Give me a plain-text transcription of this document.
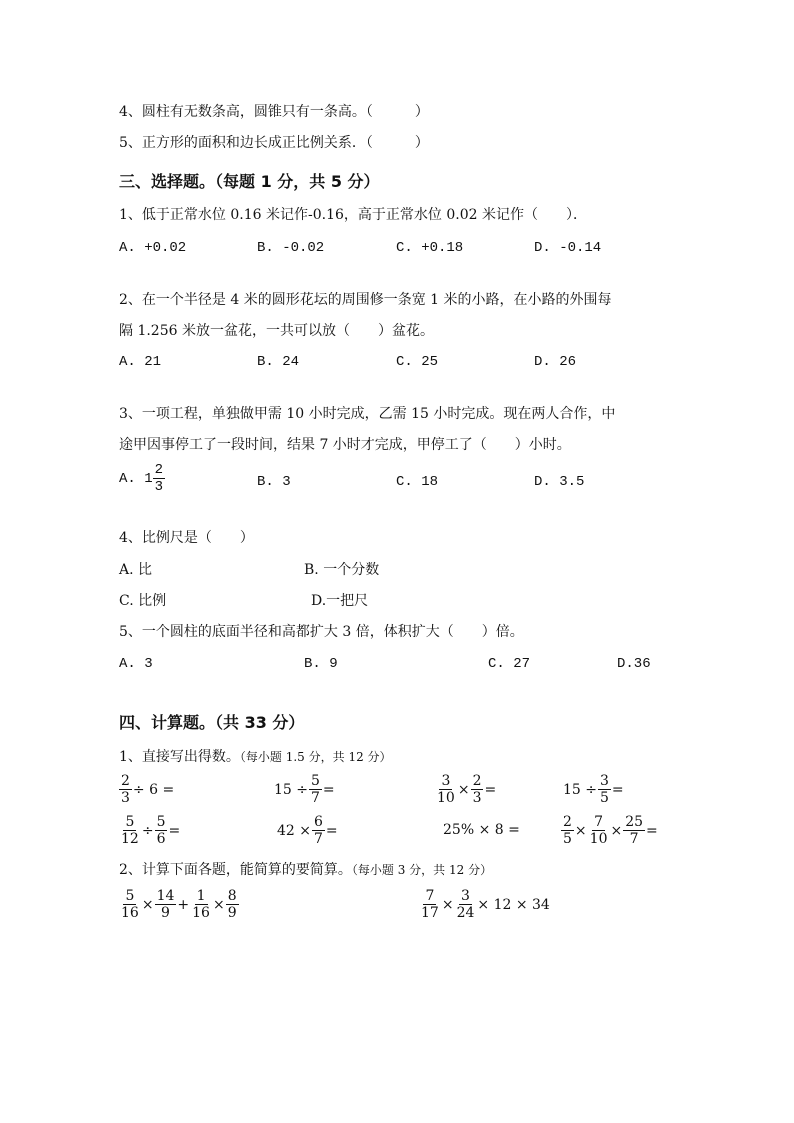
4、圆柱有无数条高，圆锥只有一条高。（　　　）
5、正方形的面积和边长成正比例关系．（　　　）
三、选择题。（每题 1 分，共 5 分）
1、低于正常水位 0.16 米记作-0.16，高于正常水位 0.02 米记作（　　）．
A. +0.02	B. -0.02	C. +0.18	D. -0.14
2、在一个半径是 4 米的圆形花坛的周围修一条宽 1 米的小路，在小路的外围每
隔 1.256 米放一盆花，一共可以放（　　）盆花。
A. 21	B. 24	C. 25	D. 26
3、一项工程，单独做甲需 10 小时完成，乙需 15 小时完成。现在两人合作，中
途甲因事停工了一段时间，结果 7 小时才完成，甲停工了（　　）小时。
A. $1 \frac{2}{3}$	B. 3	C. 18	D. 3.5
4、比例尺是（　　）
A. 比	B. 一个分数
C. 比例	D.一把尺
5、一个圆柱的底面半径和高都扩大 3 倍，体积扩大（　　）倍。
A. 3	B. 9	C. 27	D.36
四、计算题。（共 33 分）
1、直接写出得数。（每小题 1.5 分，共 12 分）
$\frac{2}{3} \div 6$ =	$15 \div \frac{5}{7}$ =	$\frac{3}{10} \times \frac{2}{3}$ =	$15 \div \frac{3}{5}$ =
$\frac{5}{12} \div \frac{5}{6}$ =	$42 \times \frac{6}{7}$ =	25% × 8 =	$\frac{2}{5} \times \frac{7}{10} \times \frac{25}{7}$ =
2、计算下面各题，能简算的要简算。（每小题 3 分，共 12 分）
$\frac{5}{16} \times \frac{14}{9} + \frac{1}{16} \times \frac{8}{9}$	$\frac{7}{17} \times \frac{3}{24} \times 12 \times 34$
